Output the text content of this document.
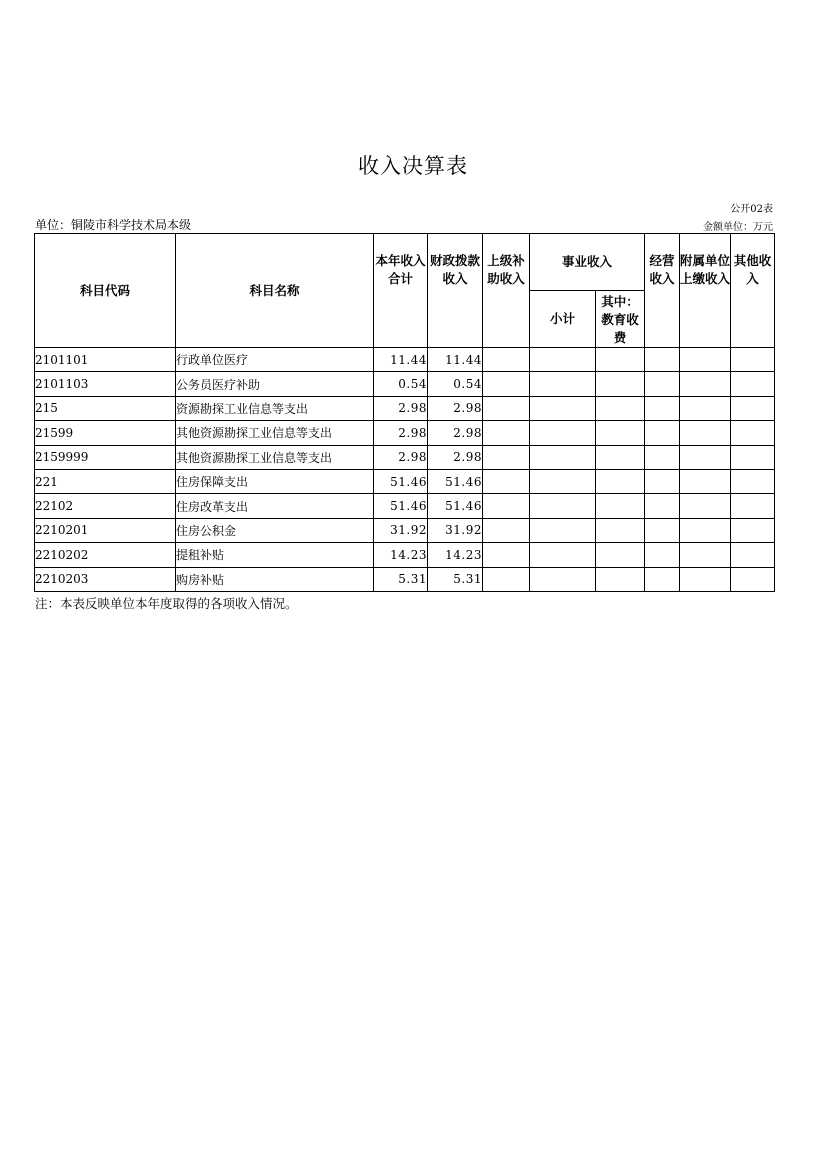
收入决算表
公开02表
单位：铜陵市科学技术局本级	金额单位：万元
科目代码	科目名称	本年收入合计	财政拨款收入	上级补助收入	事业收入		经营收入	附属单位上缴收入	其他收入
					小计	其中：教育收费			
2101101	行政单位医疗	11.44	11.44						
2101103	公务员医疗补助	0.54	0.54						
215	资源勘探工业信息等支出	2.98	2.98						
21599	其他资源勘探工业信息等支出	2.98	2.98						
2159999	其他资源勘探工业信息等支出	2.98	2.98						
221	住房保障支出	51.46	51.46						
22102	住房改革支出	51.46	51.46						
2210201	住房公积金	31.92	31.92						
2210202	提租补贴	14.23	14.23						
2210203	购房补贴	5.31	5.31						
注：本表反映单位本年度取得的各项收入情况。
